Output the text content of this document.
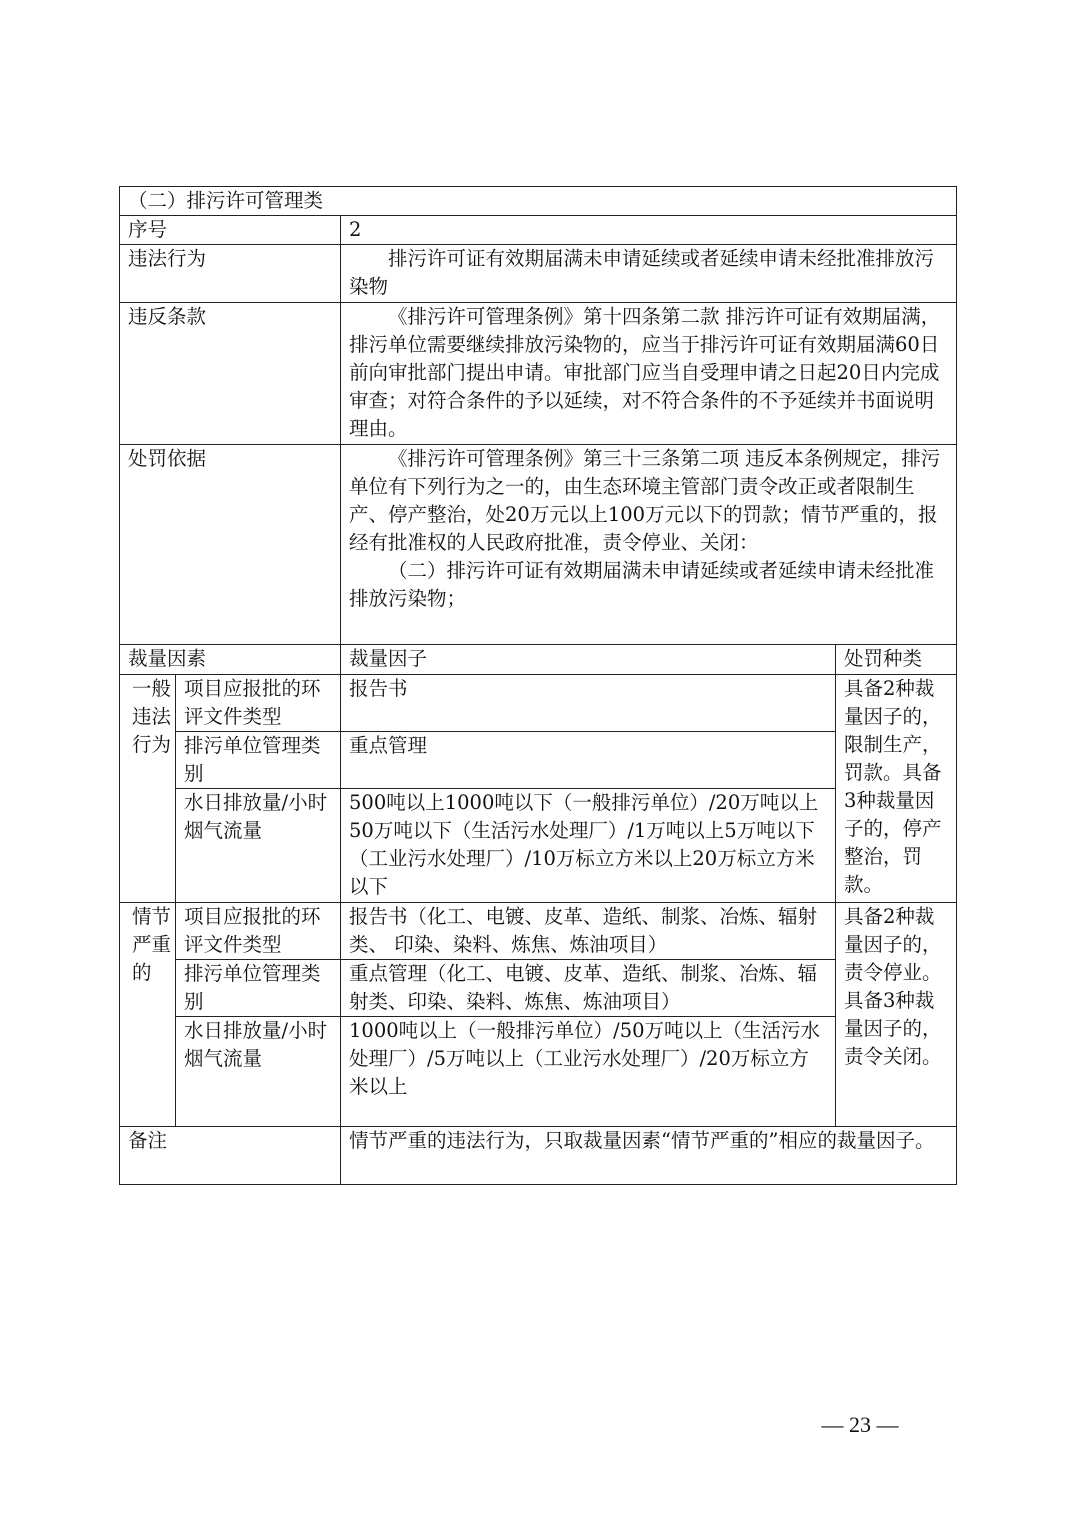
（二）排污许可管理类			
序号		2	
违法行为		排污许可证有效期届满未申请延续或者延续申请未经批准排放污染物	
违反条款		《排污许可管理条例》第十四条第二款 排污许可证有效期届满，排污单位需要继续排放污染物的，应当于排污许可证有效期届满60日前向审批部门提出申请。审批部门应当自受理申请之日起20日内完成审查；对符合条件的予以延续，对不符合条件的不予延续并书面说明理由。	

处罚依据		《排污许可管理条例》第三十三条第二项 违反本条例规定，排污单位有下列行为之一的，由生态环境主管部门责令改正或者限制生产、停产整治，处20万元以上100万元以下的罚款；情节严重的，报经有批准权的人民政府批准，责令停业、关闭：
（二）排污许可证有效期届满未申请延续或者延续申请未经批准排放污染物；	

裁量因素		裁量因子	处罚种类
一般违法行为	项目应报批的环评文件类型	报告书	具备2种裁量因子的，限制生产，罚款。具备3种裁量因子的，停产整治，罚款。
	排污单位管理类别	重点管理	
	水日排放量/小时烟气流量	500吨以上1000吨以下（一般排污单位）/20万吨以上50万吨以下（生活污水处理厂）/1万吨以上5万吨以下（工业污水处理厂）/10万标立方米以上20万标立方米以下	
情节严重的	项目应报批的环评文件类型	报告书（化工、电镀、皮革、造纸、制浆、冶炼、辐射类、 印染、染料、炼焦、炼油项目）	具备2种裁量因子的，责令停业。具备3种裁量因子的，责令关闭。
	排污单位管理类别	重点管理（化工、电镀、皮革、造纸、制浆、冶炼、辐射类、印染、染料、炼焦、炼油项目）	
	水日排放量/小时烟气流量	1000吨以上（一般排污单位）/50万吨以上（生活污水处理厂）/5万吨以上（工业污水处理厂）/20万标立方米以上	
备注		情节严重的违法行为，只取裁量因素“情节严重的”相应的裁量因子。	
— 23 —
